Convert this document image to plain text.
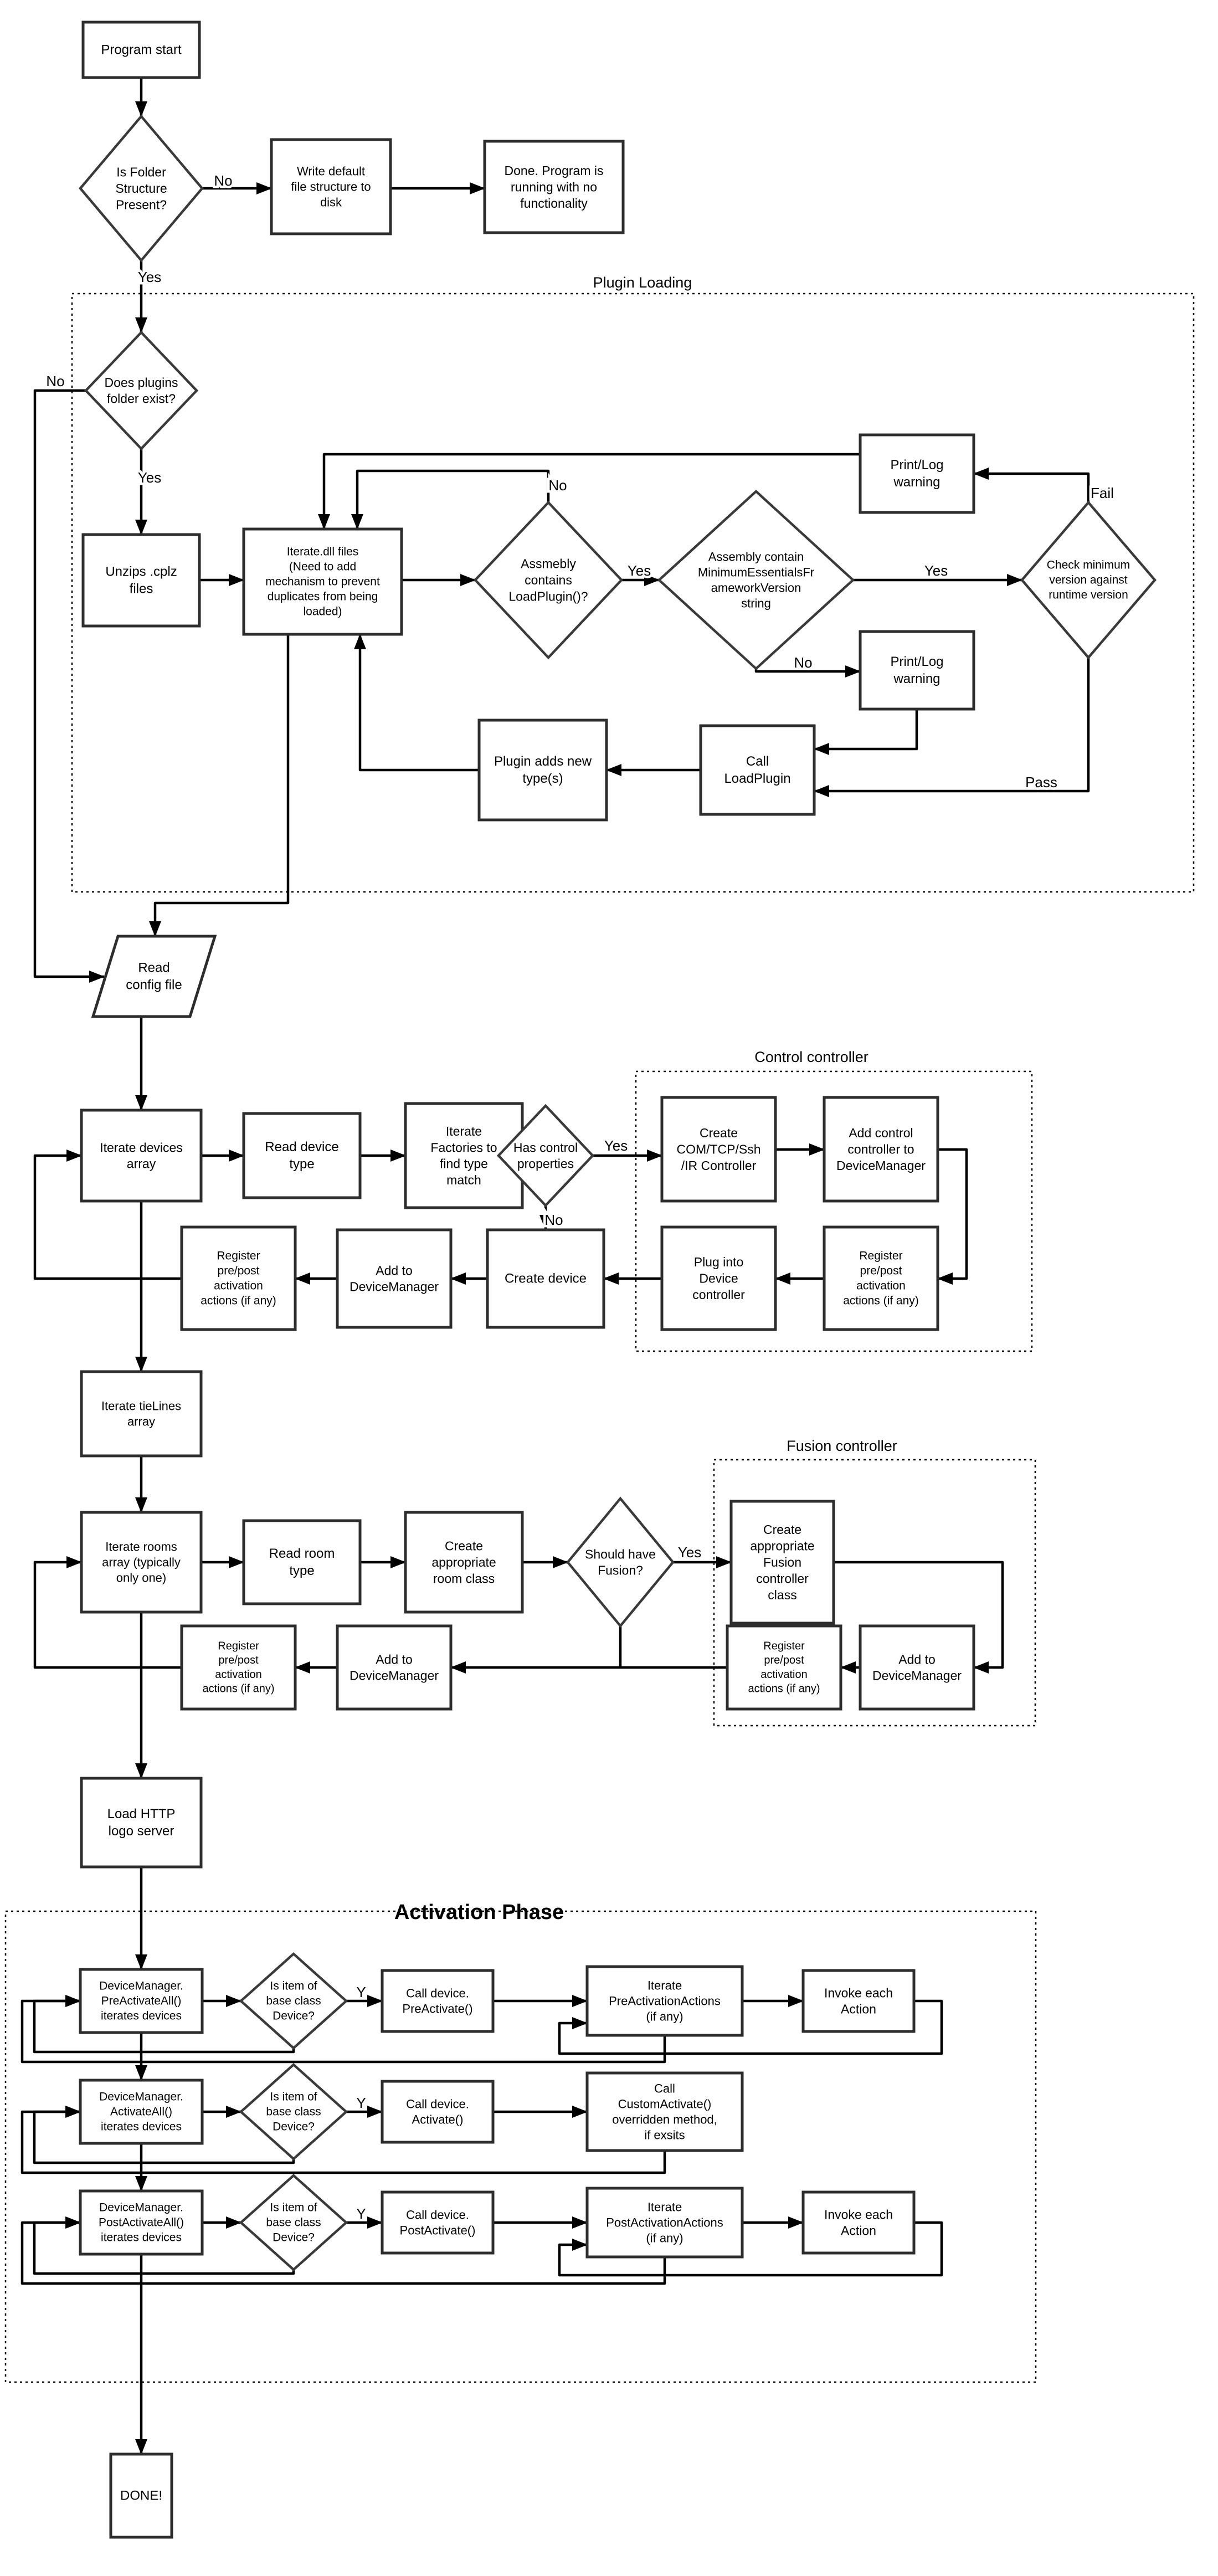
Plugin Loading
Control controller
Fusion controller
Activation Phase
Program start
Write default file structure to disk
Done. Program is running with no functionality
Is Folder Structure Present?
Does plugins folder exist?
Unzips .cplz files
Iterate.dll files (Need to add mechanism to prevent duplicates from being loaded)
Assmebly contains LoadPlugin()?
Assembly contain MinimumEssentialsFr ameworkVersion string
Check minimum version against runtime version
Print/Log warning
Print/Log warning
Call LoadPlugin
Plugin adds new type(s)
Read config file
Iterate devices array
Read device type
Iterate Factories to find type match
Has control properties
Create COM/TCP/Ssh /IR Controller
Add control controller to DeviceManager
Register pre/post activation actions (if any)
Plug into Device controller
Create device
Add to DeviceManager
Register pre/post activation actions (if any)
Iterate tieLines array
Iterate rooms array (typically only one)
Read room type
Create appropriate room class
Should have Fusion?
Create appropriate Fusion controller class
Add to DeviceManager
Register pre/post activation actions (if any)
Add to DeviceManager
Register pre/post activation actions (if any)
Load HTTP logo server
DeviceManager. PreActivateAll() iterates devices
Is item of base class Device?
Call device. PreActivate()
Iterate PreActivationActions (if any)
Invoke each Action
DeviceManager. ActivateAll() iterates devices
Is item of base class Device?
Call device. Activate()
Call CustomActivate() overridden method, if exsits
DeviceManager. PostActivateAll() iterates devices
Is item of base class Device?
Call device. PostActivate()
Iterate PostActivationActions (if any)
Invoke each Action
DONE!
No
Yes
No
Yes	No
Yes	Yes
Fail
No
Pass
Yes
No
Yes
Y
Y
Y
